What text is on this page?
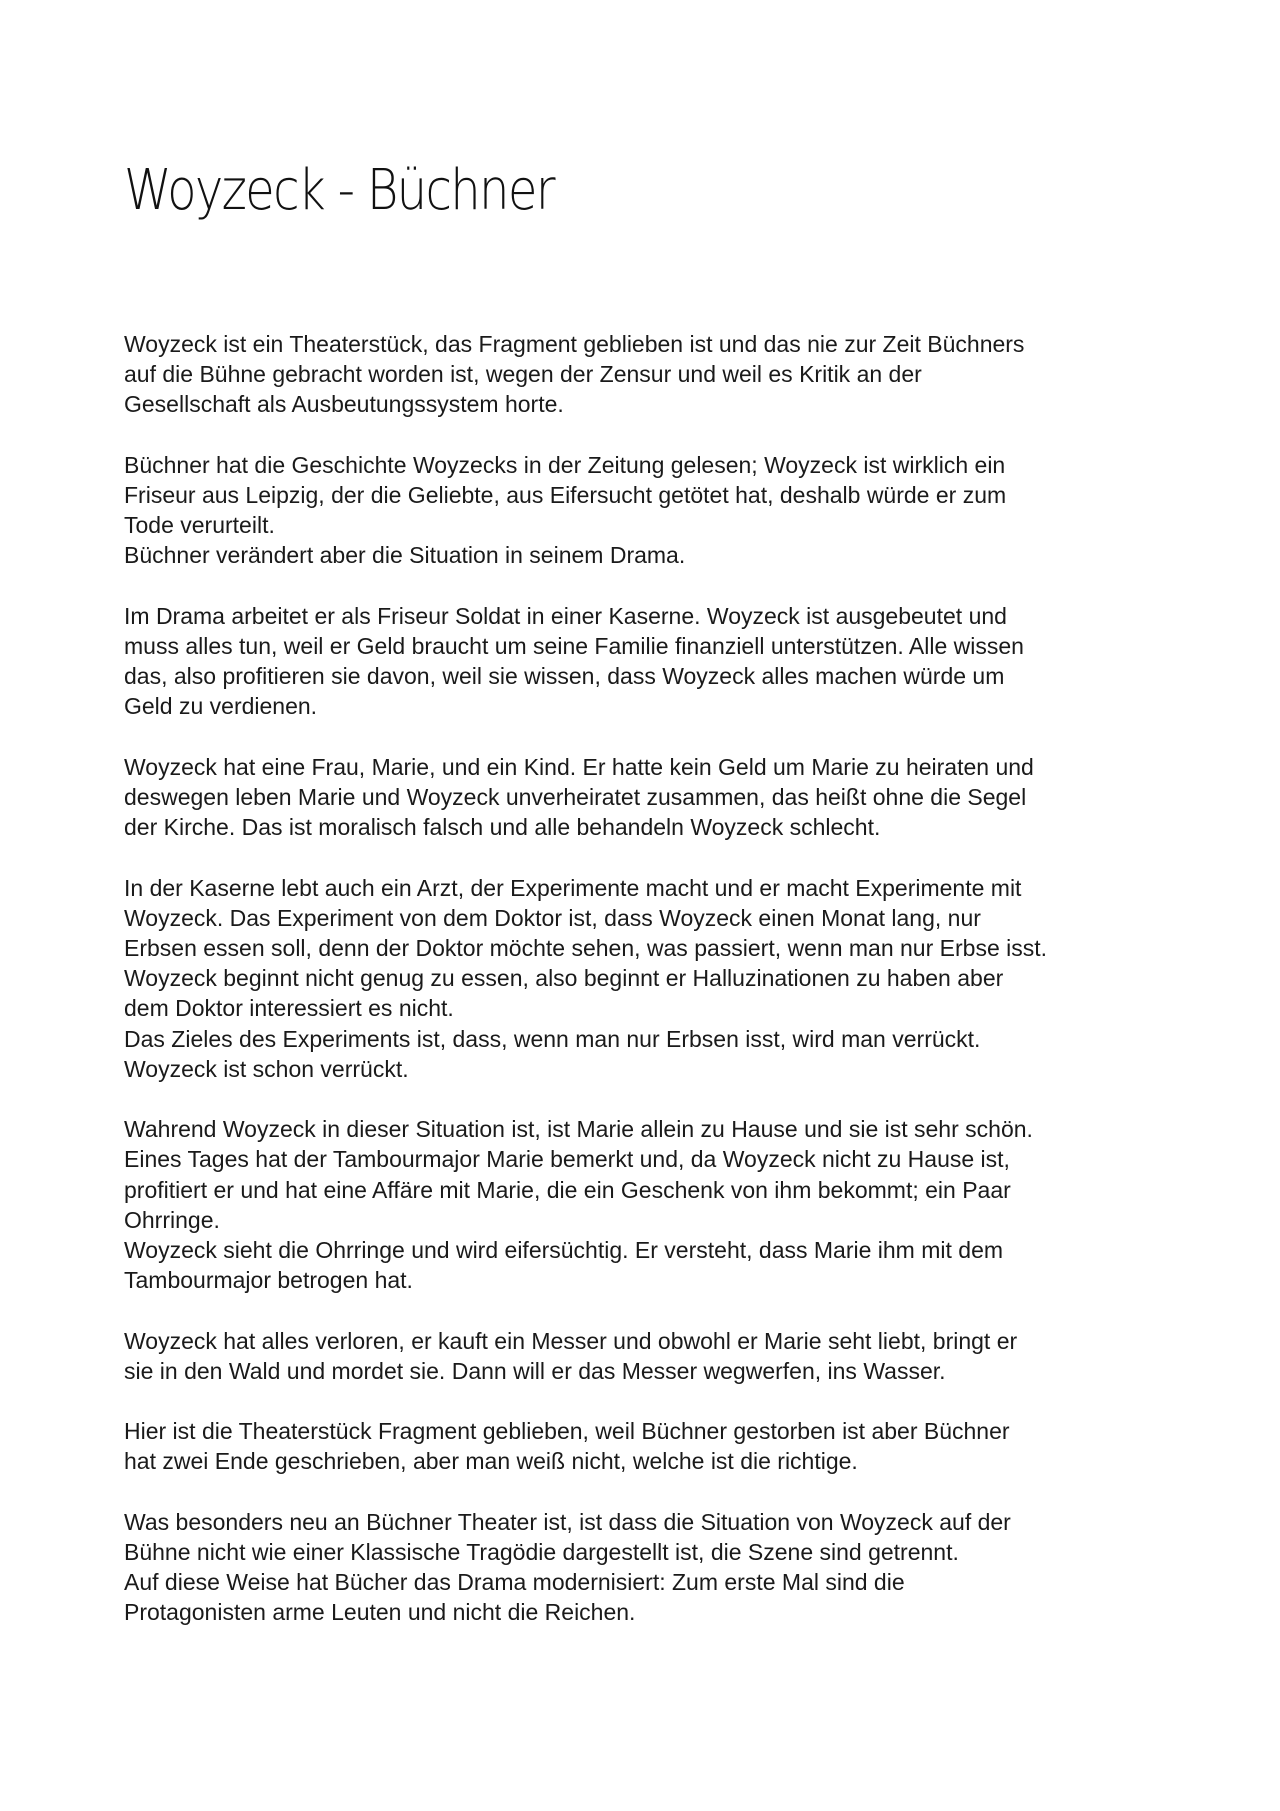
Woyzeck - Büchner

Woyzeck ist ein Theaterstück, das Fragment geblieben ist und das nie zur Zeit Büchners
auf die Bühne gebracht worden ist, wegen der Zensur und weil es Kritik an der
Gesellschaft als Ausbeutungssystem horte.

Büchner hat die Geschichte Woyzecks in der Zeitung gelesen; Woyzeck ist wirklich ein
Friseur aus Leipzig, der die Geliebte, aus Eifersucht getötet hat, deshalb würde er zum
Tode verurteilt.
Büchner verändert aber die Situation in seinem Drama.

Im Drama arbeitet er als Friseur Soldat in einer Kaserne. Woyzeck ist ausgebeutet und
muss alles tun, weil er Geld braucht um seine Familie finanziell unterstützen. Alle wissen
das, also profitieren sie davon, weil sie wissen, dass Woyzeck alles machen würde um
Geld zu verdienen.

Woyzeck hat eine Frau, Marie, und ein Kind. Er hatte kein Geld um Marie zu heiraten und
deswegen leben Marie und Woyzeck unverheiratet zusammen, das heißt ohne die Segel
der Kirche. Das ist moralisch falsch und alle behandeln Woyzeck schlecht.

In der Kaserne lebt auch ein Arzt, der Experimente macht und er macht Experimente mit
Woyzeck. Das Experiment von dem Doktor ist, dass Woyzeck einen Monat lang, nur
Erbsen essen soll, denn der Doktor möchte sehen, was passiert, wenn man nur Erbse isst.
Woyzeck beginnt nicht genug zu essen, also beginnt er Halluzinationen zu haben aber
dem Doktor interessiert es nicht.
Das Zieles des Experiments ist, dass, wenn man nur Erbsen isst, wird man verrückt.
Woyzeck ist schon verrückt.

Wahrend Woyzeck in dieser Situation ist, ist Marie allein zu Hause und sie ist sehr schön.
Eines Tages hat der Tambourmajor Marie bemerkt und, da Woyzeck nicht zu Hause ist,
profitiert er und hat eine Affäre mit Marie, die ein Geschenk von ihm bekommt; ein Paar
Ohrringe.
Woyzeck sieht die Ohrringe und wird eifersüchtig. Er versteht, dass Marie ihm mit dem
Tambourmajor betrogen hat.

Woyzeck hat alles verloren, er kauft ein Messer und obwohl er Marie seht liebt, bringt er
sie in den Wald und mordet sie. Dann will er das Messer wegwerfen, ins Wasser.

Hier ist die Theaterstück Fragment geblieben, weil Büchner gestorben ist aber Büchner
hat zwei Ende geschrieben, aber man weiß nicht, welche ist die richtige.

Was besonders neu an Büchner Theater ist, ist dass die Situation von Woyzeck auf der
Bühne nicht wie einer Klassische Tragödie dargestellt ist, die Szene sind getrennt.
Auf diese Weise hat Bücher das Drama modernisiert: Zum erste Mal sind die
Protagonisten arme Leuten und nicht die Reichen.
